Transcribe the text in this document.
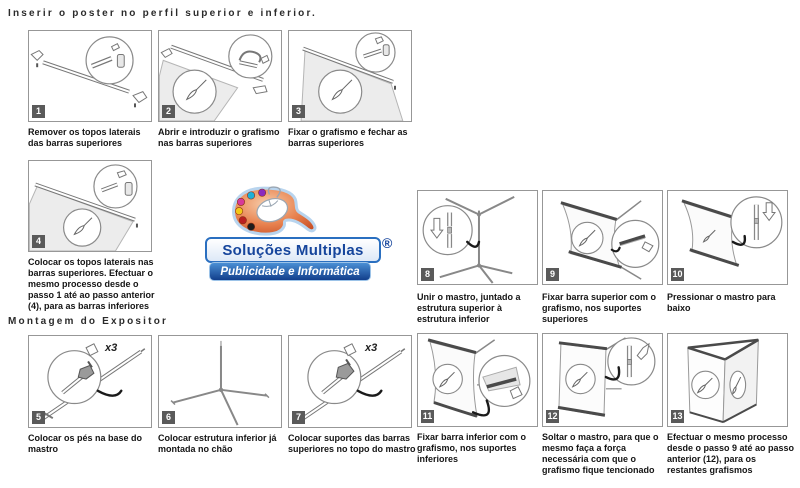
Inserir o poster no perfil superior e inferior.
1	2	3
Remover os topos laterais das barras superiores
Abrir e introduzir o grafismo nas barras superiores
Fixar o grafismo e fechar as barras superiores
4
Colocar os topos laterais nas barras superiores. Efectuar o mesmo processo desde o passo 1 até ao passo anterior (4), para as barras inferiores
Soluções Multiplas	®
Publicidade e Informática
Montagem do Expositor
5
x3
6	7
x3
Colocar os pés na base do mastro
Colocar estrutura inferior já montada no chão
Colocar suportes das barras superiores no topo do mastro
8	9	10
Unir o mastro, juntado a estrutura superior à estrutura inferior
Fixar barra superior com o grafismo, nos suportes superiores
Pressionar o mastro para baixo
11	12	13
Fixar barra inferior com o grafismo, nos suportes inferiores
Soltar o mastro, para que o mesmo faça a força necessária com que o grafismo fique tencionado
Efectuar o mesmo processo desde o passo 9 até ao passo anterior (12), para os restantes grafismos
